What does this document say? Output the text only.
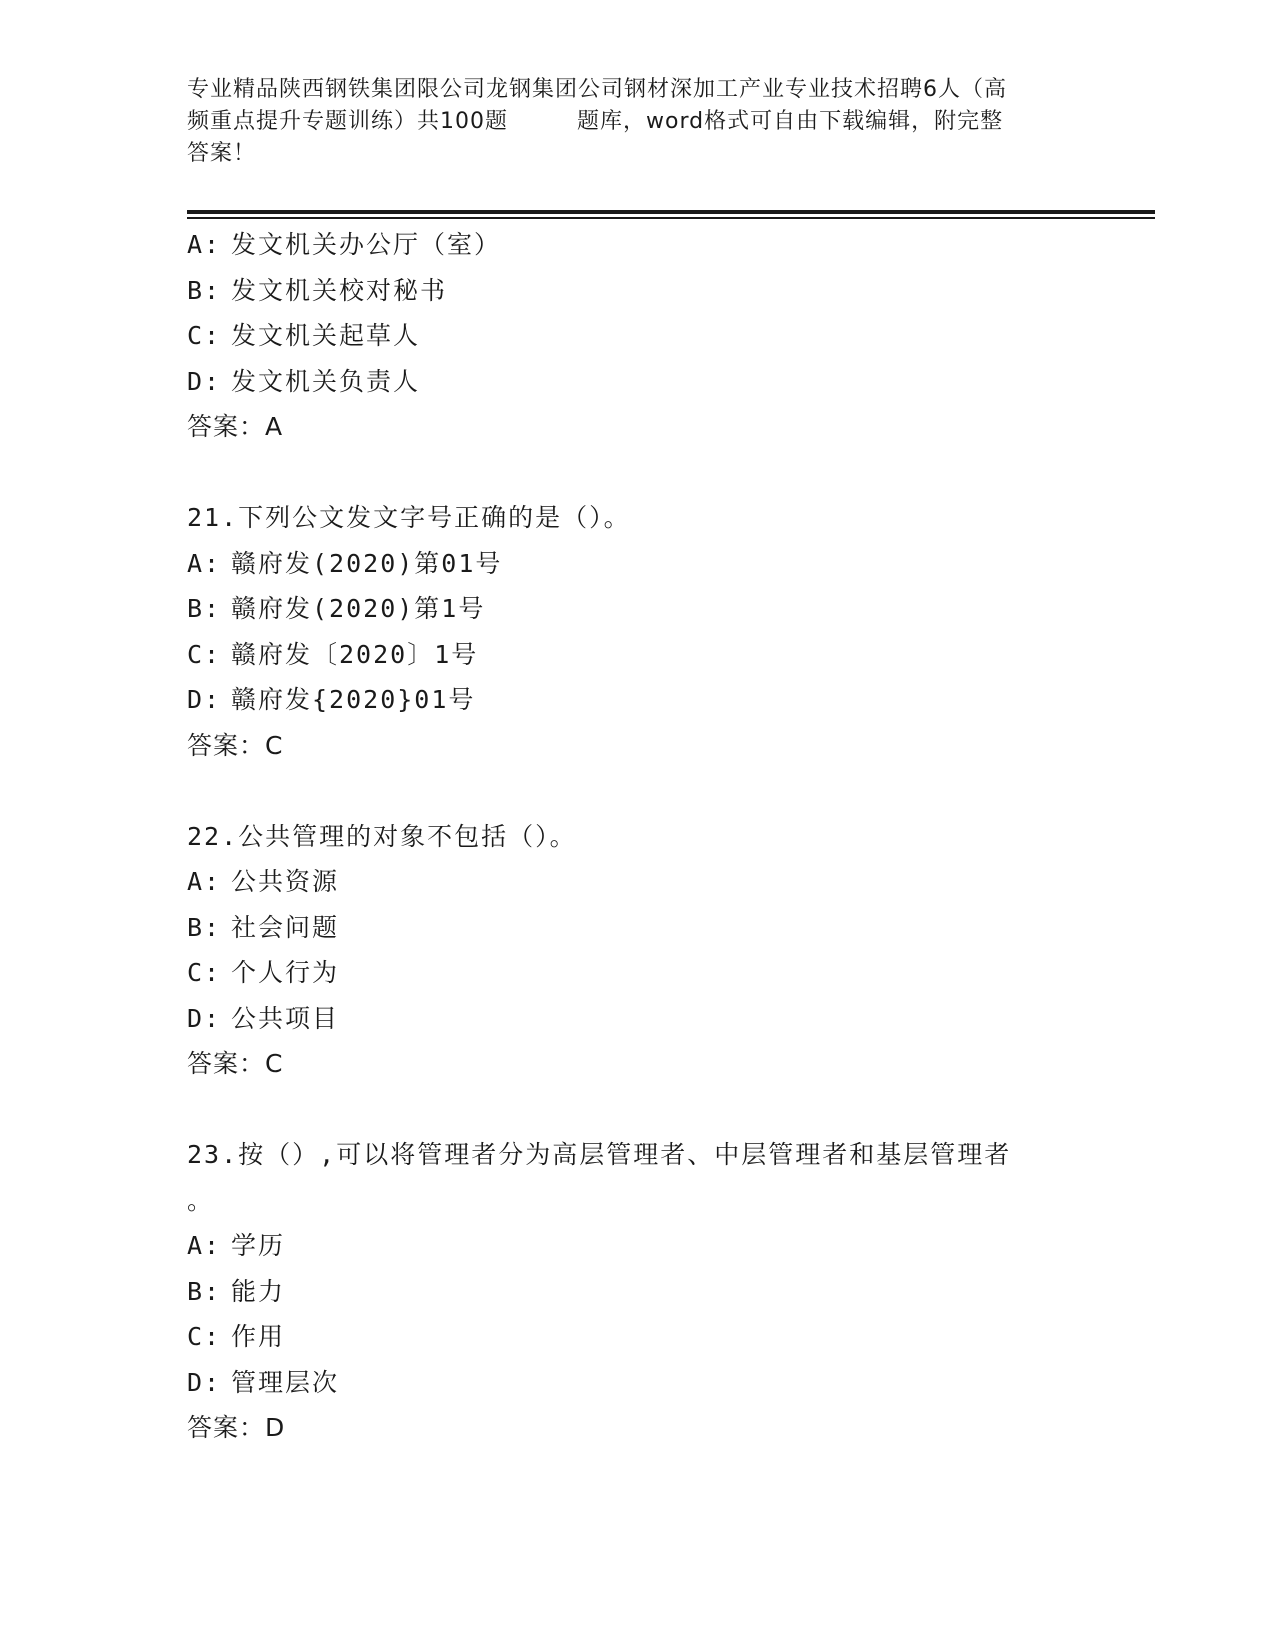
专业精品陕西钢铁集团限公司龙钢集团公司钢材深加工产业专业技术招聘6人（高
频重点提升专题训练）共100题　　　题库，word格式可自由下载编辑，附完整
答案！
A: 发文机关办公厅（室）
B: 发文机关校对秘书
C: 发文机关起草人
D: 发文机关负责人
答案：A
21.下列公文发文字号正确的是（）。
A: 赣府发(2020)第01号
B: 赣府发(2020)第1号
C: 赣府发〔2020〕1号
D: 赣府发{2020}01号
答案：C
22.公共管理的对象不包括（）。
A: 公共资源
B: 社会问题
C: 个人行为
D: 公共项目
答案：C
23.按（）,可以将管理者分为高层管理者、中层管理者和基层管理者
。
A: 学历
B: 能力
C: 作用
D: 管理层次
答案：D
